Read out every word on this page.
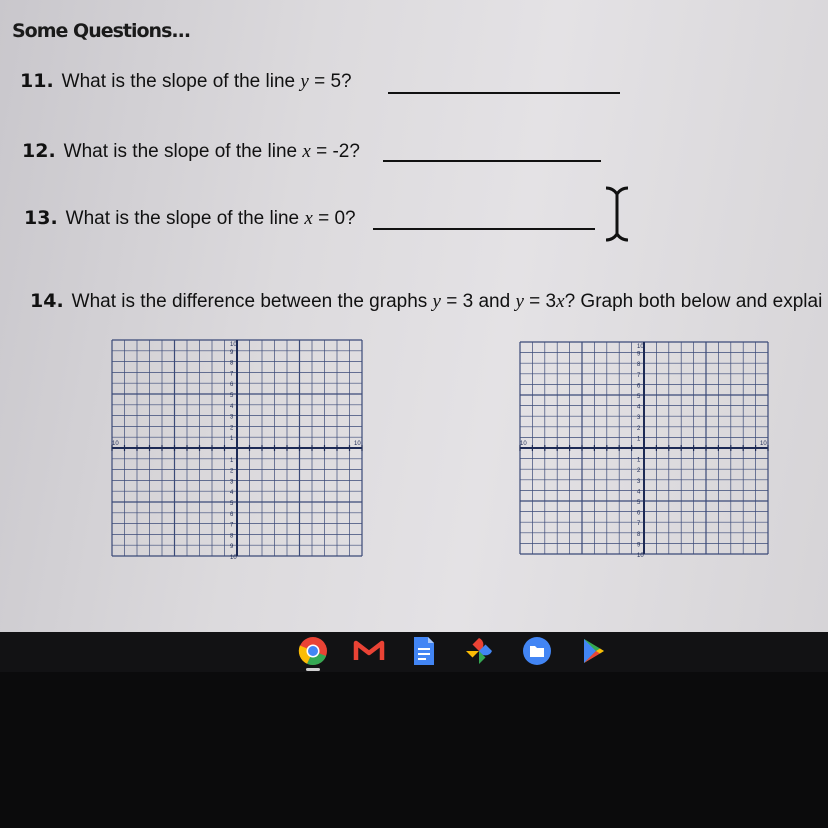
Some Questions...
11. What is the slope of the line y = 5?
12. What is the slope of the line x = -2?
13. What is the slope of the line x = 0?
14. What is the difference between the graphs y = 3 and y = 3x? Graph both below and explai
10
9
8
7
6
5
4
3
2
1
1
2
3
4
5
6
7
8
9
10
10	10
10
9
8
7
6
5
4
3
2
1
1
2
3
4
5
6
7
8
9
10
10	10
